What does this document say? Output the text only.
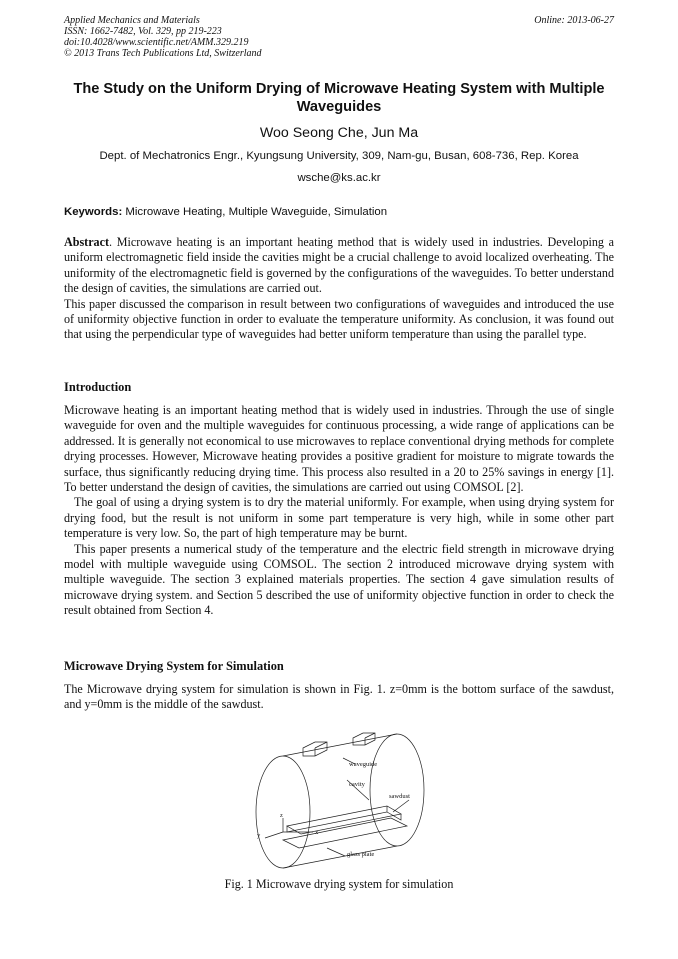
Applied Mechanics and Materials
ISSN: 1662-7482, Vol. 329, pp 219-223
doi:10.4028/www.scientific.net/AMM.329.219
© 2013 Trans Tech Publications Ltd, Switzerland
Online: 2013-06-27
The Study on the Uniform Drying of Microwave Heating System with Multiple Waveguides
Woo Seong Che, Jun Ma
Dept. of Mechatronics Engr., Kyungsung University, 309, Nam-gu, Busan, 608-736, Rep. Korea
wsche@ks.ac.kr
Keywords: Microwave Heating, Multiple Waveguide, Simulation

Abstract. Microwave heating is an important heating method that is widely used in industries. Developing a uniform electromagnetic field inside the cavities might be a crucial challenge to avoid localized overheating. The uniformity of the electromagnetic field is governed by the configurations of the waveguides. To better understand the design of cavities, the simulations are carried out.

This paper discussed the comparison in result between two configurations of waveguides and introduced the use of uniformity objective function in order to evaluate the temperature uniformity. As conclusion, it was found out that using the perpendicular type of waveguides had better uniform temperature than using the parallel type.

Introduction

Microwave heating is an important heating method that is widely used in industries. Through the use of single waveguide for oven and the multiple waveguides for continuous processing, a wide range of applications can be addressed. It is generally not economical to use microwaves to replace conventional drying methods for complete drying processes. However, Microwave heating provides a positive gradient for moisture to migrate towards the surface, thus significantly reducing drying time. This process also resulted in a 20 to 25% savings in energy [1]. To better understand the design of cavities, the simulations are carried out using COMSOL [2].

The goal of using a drying system is to dry the material uniformly. For example, when using drying system for drying food, but the result is not uniform in some part temperature is very high, while in some other part temperature is very low. So, the part of high temperature may be burnt.

This paper presents a numerical study of the temperature and the electric field strength in microwave drying model with multiple waveguide using COMSOL. The section 2 introduced microwave drying system with multiple waveguide. The section 3 explained materials properties. The section 4 gave simulation results of microwave drying system. and Section 5 described the use of uniformity objective function in order to check the result obtained from Section 4.

Microwave Drying System for Simulation

The Microwave drying system for simulation is shown in Fig. 1. z=0mm is the bottom surface of the sawdust, and y=0mm is the middle of the sawdust.

waveguide
cavity
sawdust
glass plate
x
y
z
Fig. 1 Microwave drying system for simulation
